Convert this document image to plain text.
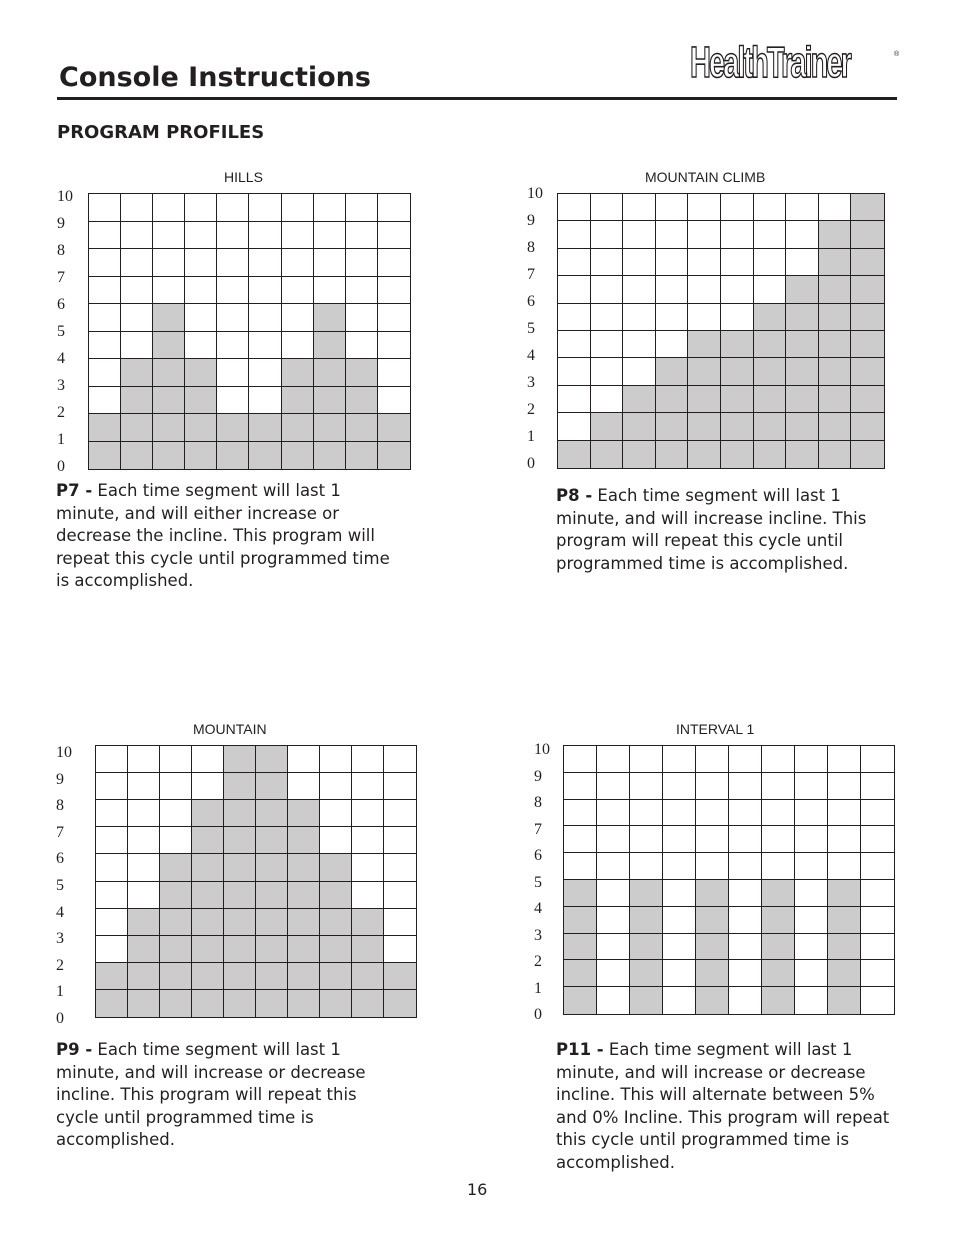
Console Instructions	HealthTrainer	®
PROGRAM PROFILES
HILLS

P7 - Each time segment will last 1 minute, and will either increase or decrease the incline. This program will repeat this cycle until programmed time is accomplished.

MOUNTAIN CLIMB

P8 - Each time segment will last 1 minute, and will increase incline. This program will repeat this cycle until programmed time is accomplished.

MOUNTAIN

P9 - Each time segment will last 1 minute, and will increase or decrease incline. This program will repeat this cycle until programmed time is accomplished.

INTERVAL 1

P11 - Each time segment will last 1 minute, and will increase or decrease incline. This will alternate between 5% and 0% Incline. This program will repeat this cycle until programmed time is accomplished.

16
10
9
8
7
6
5
4
3
2
1
0
10
9
8
7
6
5
4
3
2
1
0
10
9
8
7
6
5
4
3
2
1
0
10
9
8
7
6
5
4
3
2
1
0
